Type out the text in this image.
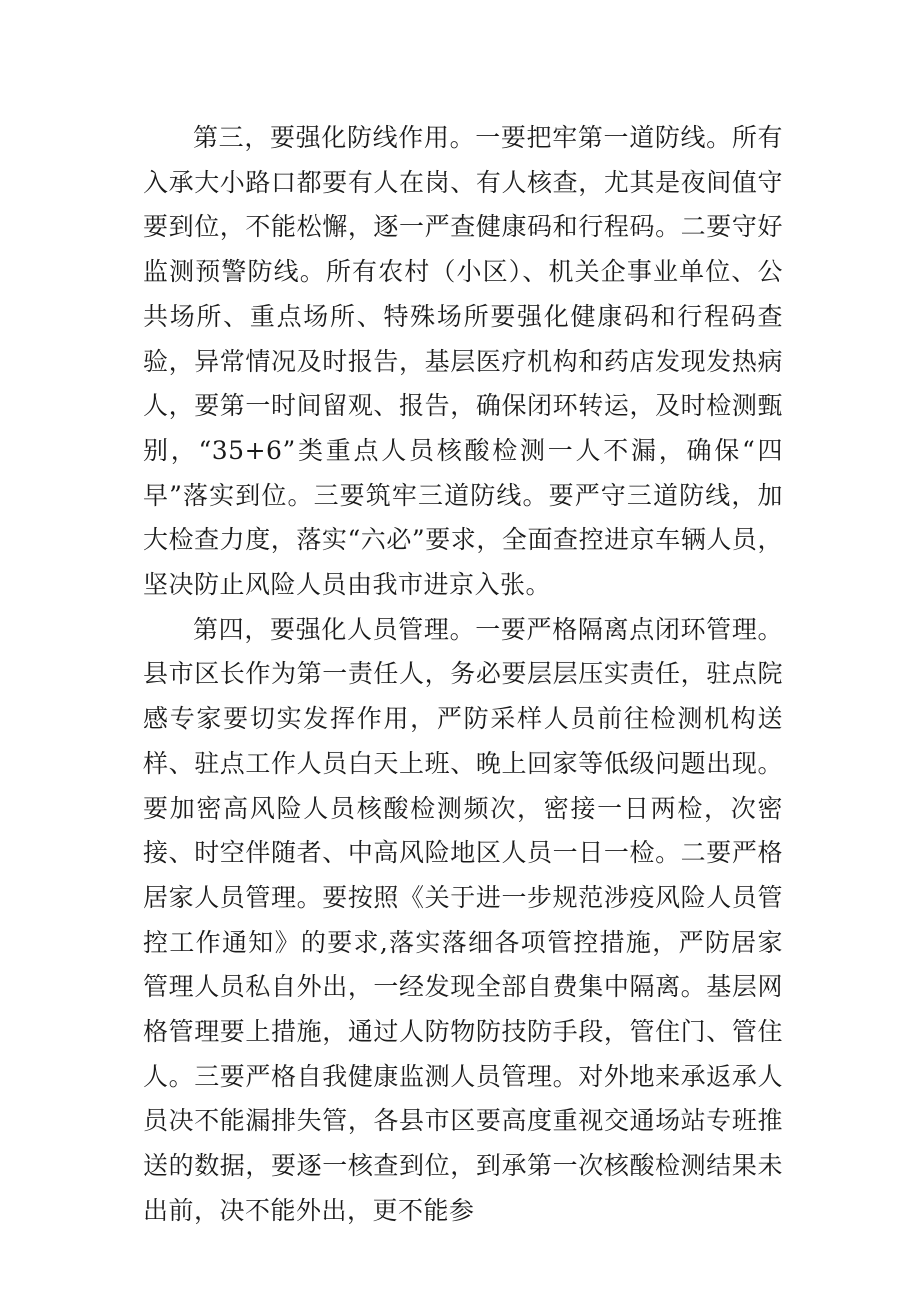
第三，要强化防线作用。一要把牢第一道防线。所有入承大小路口都要有人在岗、有人核查，尤其是夜间值守要到位，不能松懈，逐一严查健康码和行程码。二要守好监测预警防线。所有农村（小区）、机关企事业单位、公共场所、重点场所、特殊场所要强化健康码和行程码查验，异常情况及时报告，基层医疗机构和药店发现发热病人，要第一时间留观、报告，确保闭环转运，及时检测甄别，“35+6”类重点人员核酸检测一人不漏，确保“四早”落实到位。三要筑牢三道防线。要严守三道防线，加大检查力度，落实“六必”要求，全面查控进京车辆人员，坚决防止风险人员由我市进京入张。

第四，要强化人员管理。一要严格隔离点闭环管理。县市区长作为第一责任人，务必要层层压实责任，驻点院感专家要切实发挥作用，严防采样人员前往检测机构送样、驻点工作人员白天上班、晚上回家等低级问题出现。要加密高风险人员核酸检测频次，密接一日两检，次密接、时空伴随者、中高风险地区人员一日一检。二要严格居家人员管理。要按照《关于进一步规范涉疫风险人员管控工作通知》的要求,落实落细各项管控措施，严防居家管理人员私自外出，一经发现全部自费集中隔离。基层网格管理要上措施，通过人防物防技防手段，管住门、管住人。三要严格自我健康监测人员管理。对外地来承返承人员决不能漏排失管，各县市区要高度重视交通场站专班推送的数据，要逐一核查到位，到承第一次核酸检测结果未出前，决不能外出，更不能参
